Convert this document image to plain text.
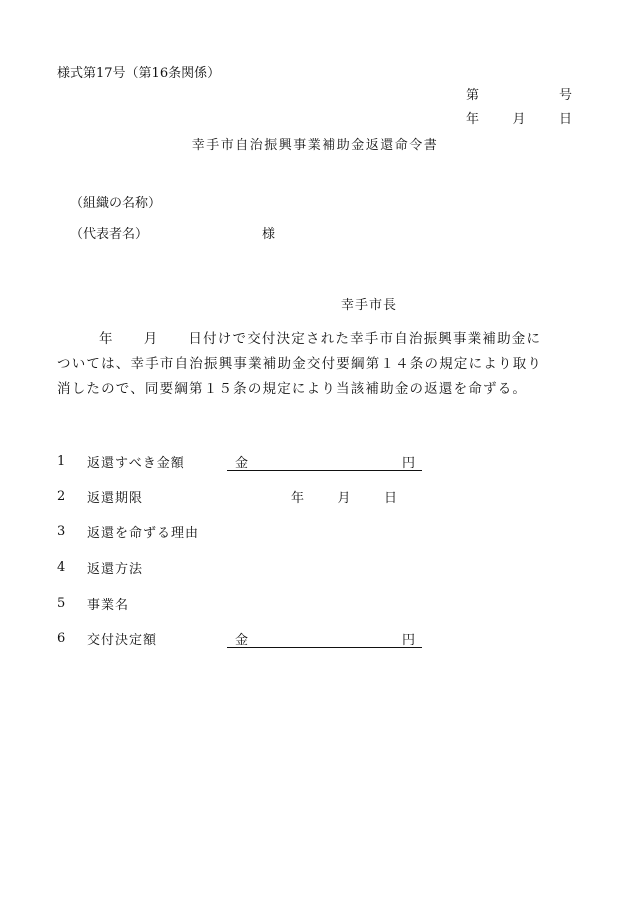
様式第17号（第16条関係）
第	号
年	月	日
幸手市自治振興事業補助金返還命令書
（組織の名称）
（代表者名）	様
幸手市長
年 月 日付けで交付決定された幸手市自治振興事業補助金に
ついては、幸手市自治振興事業補助金交付要綱第１４条の規定により取り
消したので、同要綱第１５条の規定により当該補助金の返還を命ずる。
1	返還すべき金額	金	円
2	返還期限	年	月	日
3	返還を命ずる理由
4	返還方法
5	事業名
6	交付決定額	金	円
